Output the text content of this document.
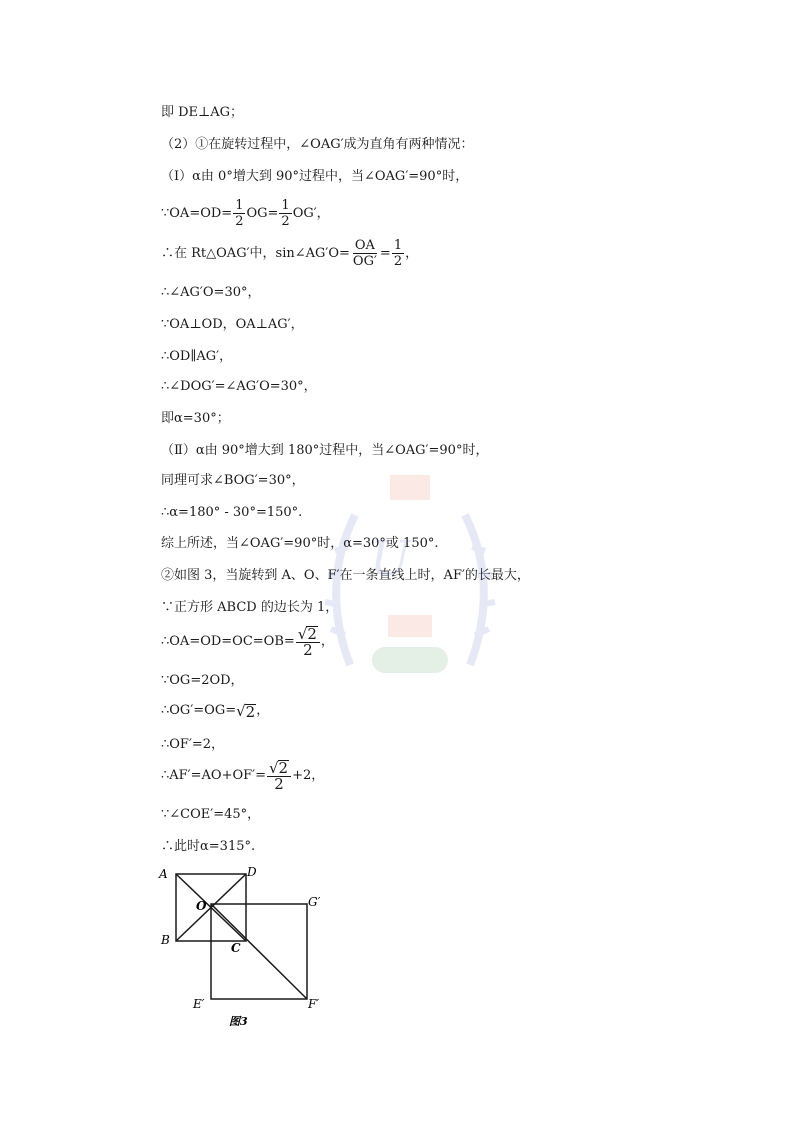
即 DE⊥AG；
（2）①在旋转过程中，∠OAG′成为直角有两种情况：
（Ⅰ）α由 0°增大到 90°过程中，当∠OAG′=90°时，
∵OA=OD= $\frac{1}{2} OG= \frac{1}{2} OG'$，
∴在 Rt△OAG′中，sin∠AG′O= $\frac{OA}{OG'} = \frac{1}{2}$ ，
∴∠AG′O=30°，
∵OA⊥OD，OA⊥AG′，
∴OD∥AG′，
∴∠DOG′=∠AG′O=30°，
即α=30°；
（Ⅱ）α由 90°增大到 180°过程中，当∠OAG′=90°时，
同理可求∠BOG′=30°，
∴α=180° - 30°=150°.
综上所述，当∠OAG′=90°时，α=30°或 150°.
②如图 3，当旋转到 A、O、F′在一条直线上时，AF′的长最大，
∵正方形 ABCD 的边长为 1，
∴OA=OD=OC=OB= $\frac{√ 2}{2}$ ，
∵OG=2OD，
∴OG′=OG= √ 2 ，
∴OF′=2，
∴AF′=AO+OF′= $\frac{√ 2}{2} +2$，
∵∠COE′=45°，
∴此时α=315°.
U
A	D
O	G′
B
C
E′	F′
图3
